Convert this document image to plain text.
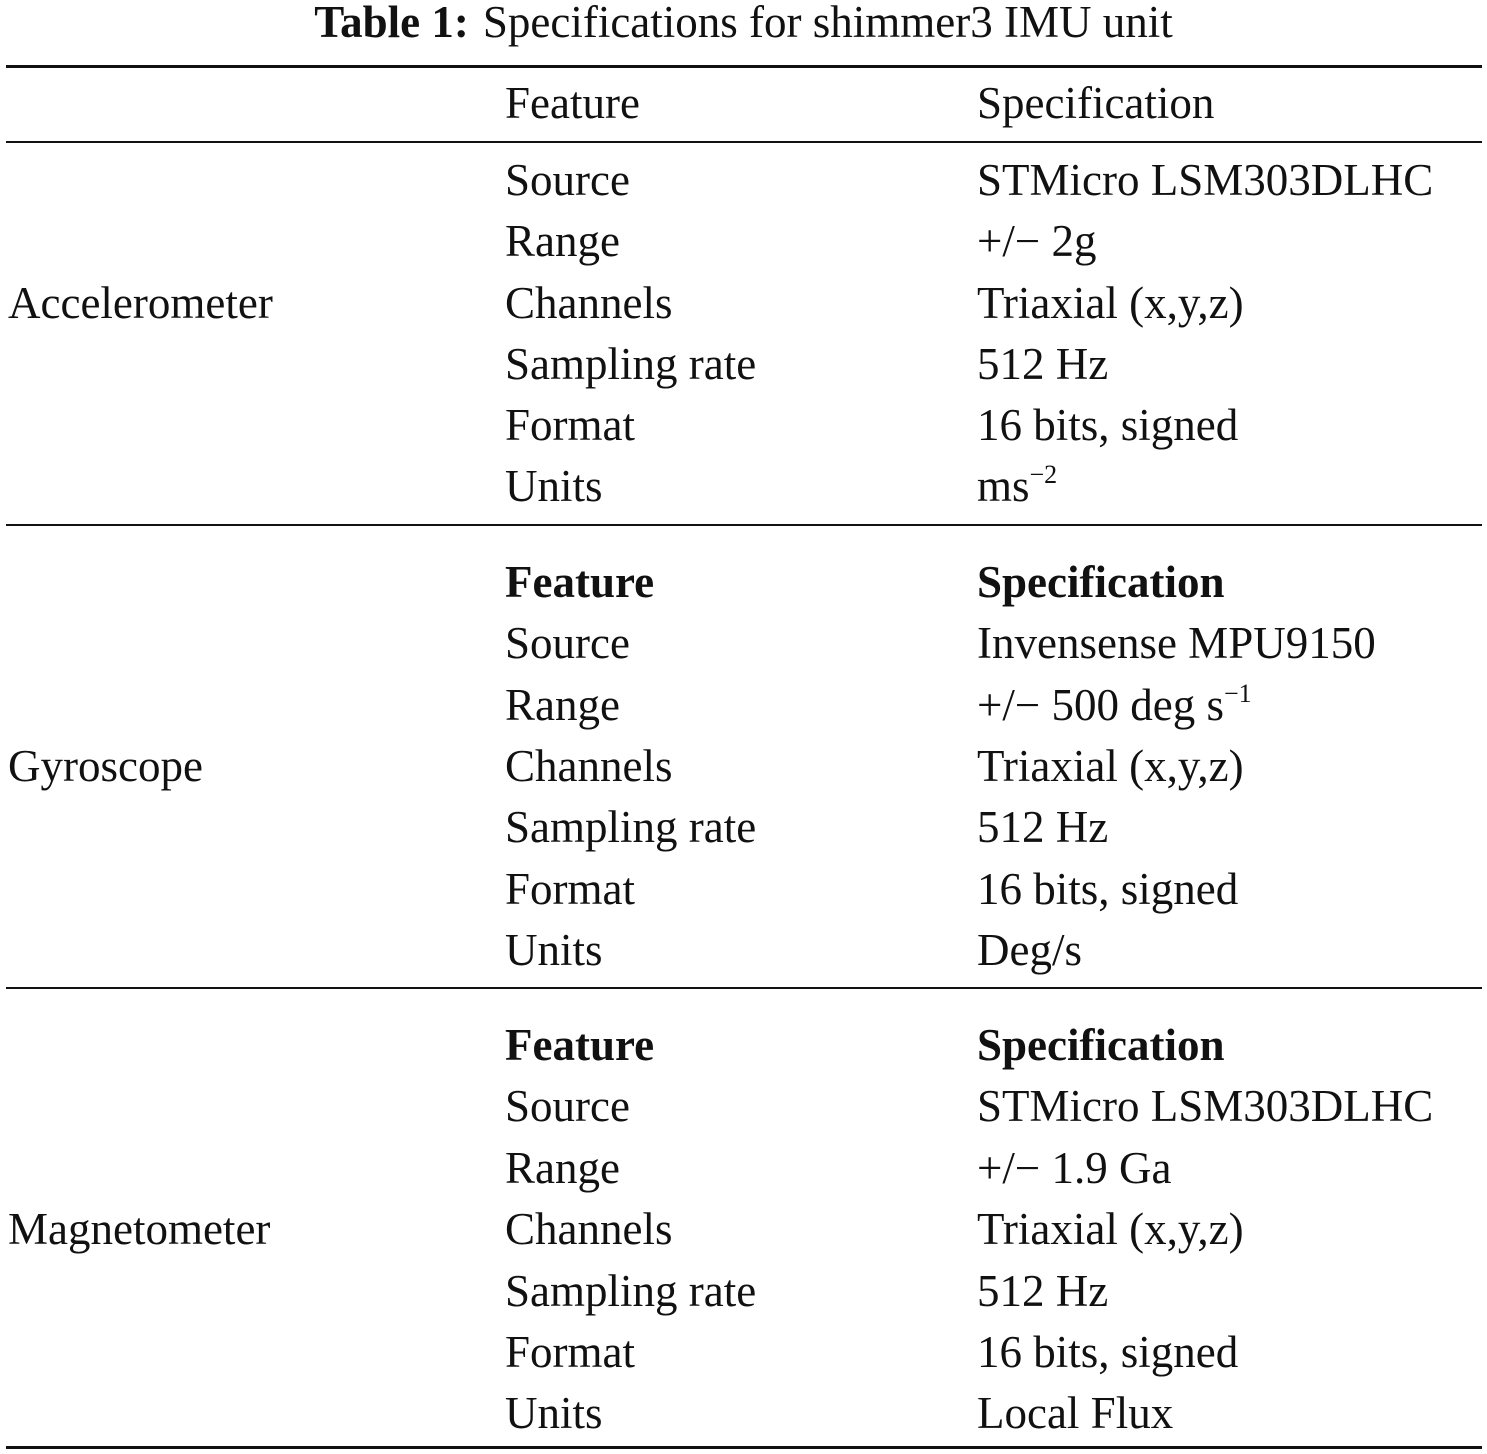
Table 1: Specifications for shimmer3 IMU unit
Feature	Specification
Accelerometer
Source	STMicro LSM303DLHC
Range	+/− 2g
Channels	Triaxial (x,y,z)
Sampling rate	512 Hz
Format	16 bits, signed
Units	$ms^{-2}$
Gyroscope
Feature	Specification
Source	Invensense MPU9150
Range	+/− 500 deg $s^{-1}$
Channels	Triaxial (x,y,z)
Sampling rate	512 Hz
Format	16 bits, signed
Units	Deg/s
Magnetometer
Feature	Specification
Source	STMicro LSM303DLHC
Range	+/− 1.9 Ga
Channels	Triaxial (x,y,z)
Sampling rate	512 Hz
Format	16 bits, signed
Units	Local Flux
